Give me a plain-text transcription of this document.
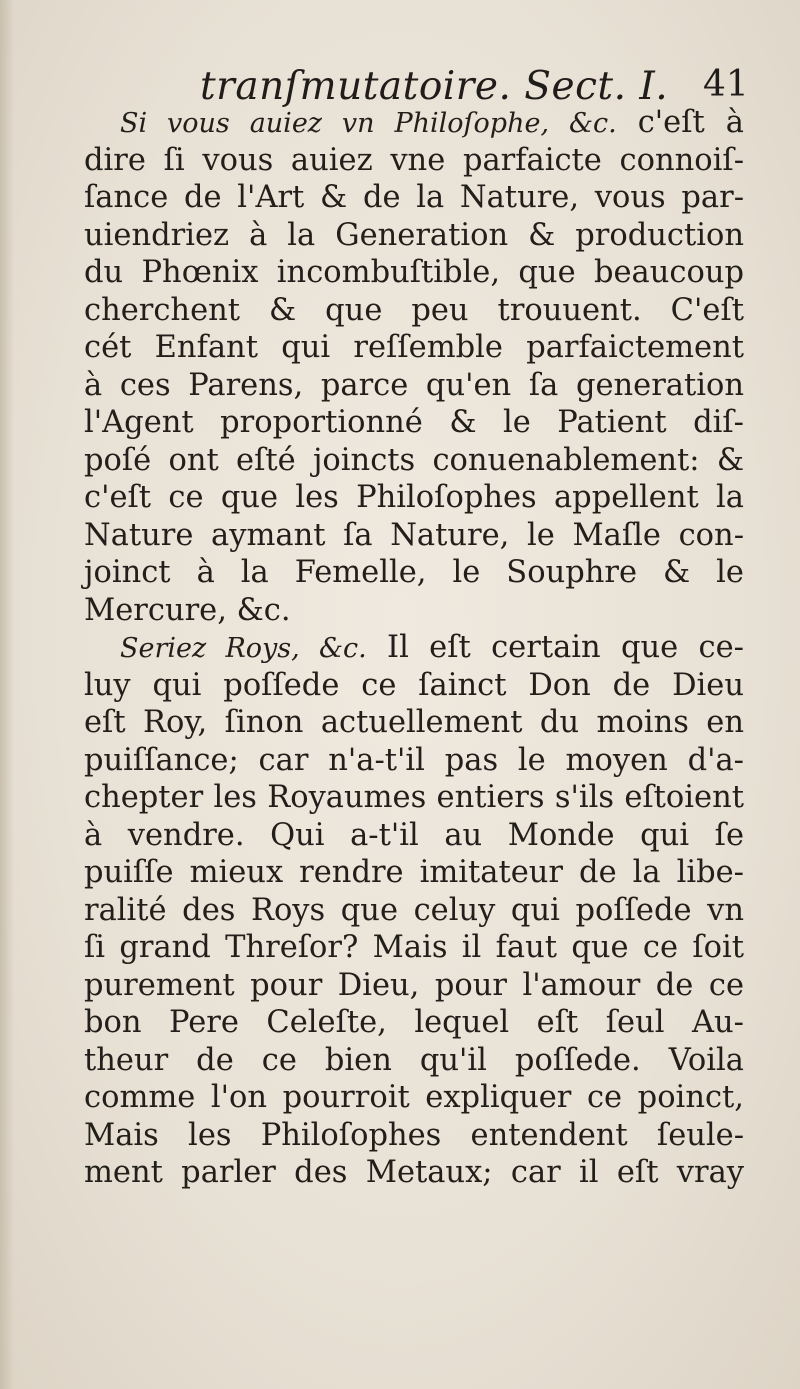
tranſmutatoire. Sect. I. 41
Si vous auiez vn Philoſophe, &c. c'eſt à
dire ſi vous auiez vne parfaicte connoiſ-
ſance de l'Art & de la Nature, vous par-
uiendriez à la Generation & production
du Phœnix incombuſtible, que beaucoup
cherchent & que peu trouuent. C'eſt
cét Enfant qui reſſemble parfaictement
à ces Parens, parce qu'en ſa generation
l'Agent proportionné & le Patient diſ-
poſé ont eſté joincts conuenablement: &
c'eſt ce que les Philoſophes appellent la
Nature aymant ſa Nature, le Maſle con-
joinct à la Femelle, le Souphre & le
Mercure, &c.
Seriez Roys, &c. Il eſt certain que ce-
luy qui poſſede ce ſainct Don de Dieu
eſt Roy, ſinon actuellement du moins en
puiſſance; car n'a-t'il pas le moyen d'a-
chepter les Royaumes entiers s'ils eſtoient
à vendre. Qui a-t'il au Monde qui ſe
puiſſe mieux rendre imitateur de la libe-
ralité des Roys que celuy qui poſſede vn
ſi grand Threſor? Mais il faut que ce ſoit
purement pour Dieu, pour l'amour de ce
bon Pere Celeſte, lequel eſt ſeul Au-
theur de ce bien qu'il poſſede. Voila
comme l'on pourroit expliquer ce poinct,
Mais les Philoſophes entendent ſeule-
ment parler des Metaux; car il eſt vray
